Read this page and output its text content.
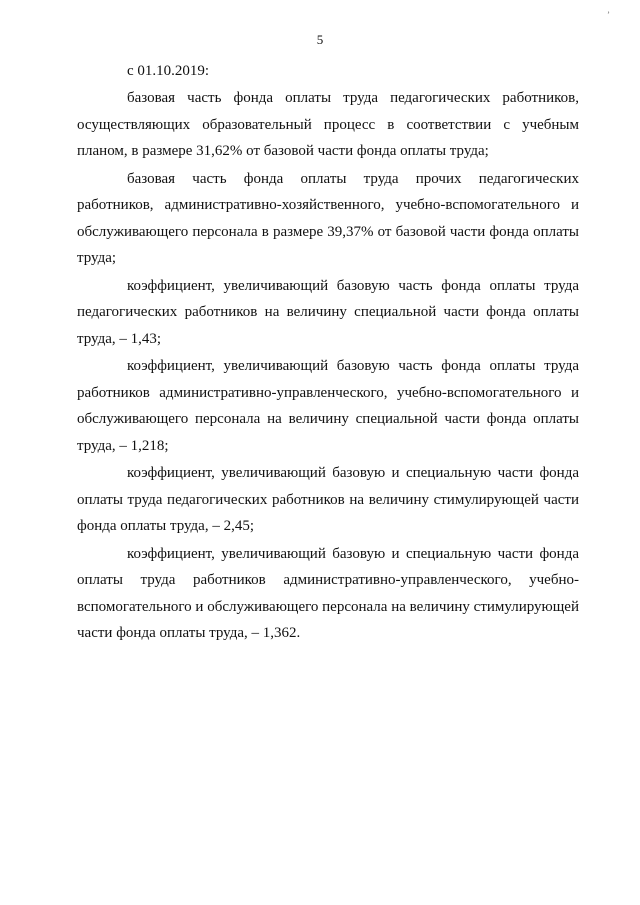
ʼ
5
с 01.10.2019:
базовая часть фонда оплаты труда педагогических работников,
осуществляющих образовательный процесс в соответствии с учебным планом, в размере 31,62% от базовой части фонда оплаты труда;
базовая часть фонда оплаты труда прочих педагогических
работников, административно-хозяйственного, учебно-вспомогательного и обслуживающего персонала в размере 39,37% от базовой части фонда оплаты труда;
коэффициент, увеличивающий базовую часть фонда оплаты труда
педагогических работников на величину специальной части фонда оплаты труда, – 1,43;
коэффициент, увеличивающий базовую часть фонда оплаты труда
работников административно-управленческого, учебно-вспомогательного и обслуживающего персонала на величину специальной части фонда оплаты труда, – 1,218;
коэффициент, увеличивающий базовую и специальную части фонда
оплаты труда педагогических работников на величину стимулирующей части фонда оплаты труда, – 2,45;
коэффициент, увеличивающий базовую и специальную части фонда
оплаты труда работников административно-управленческого, учебно-вспомогательного и обслуживающего персонала на величину стимулирующей части фонда оплаты труда, – 1,362.
